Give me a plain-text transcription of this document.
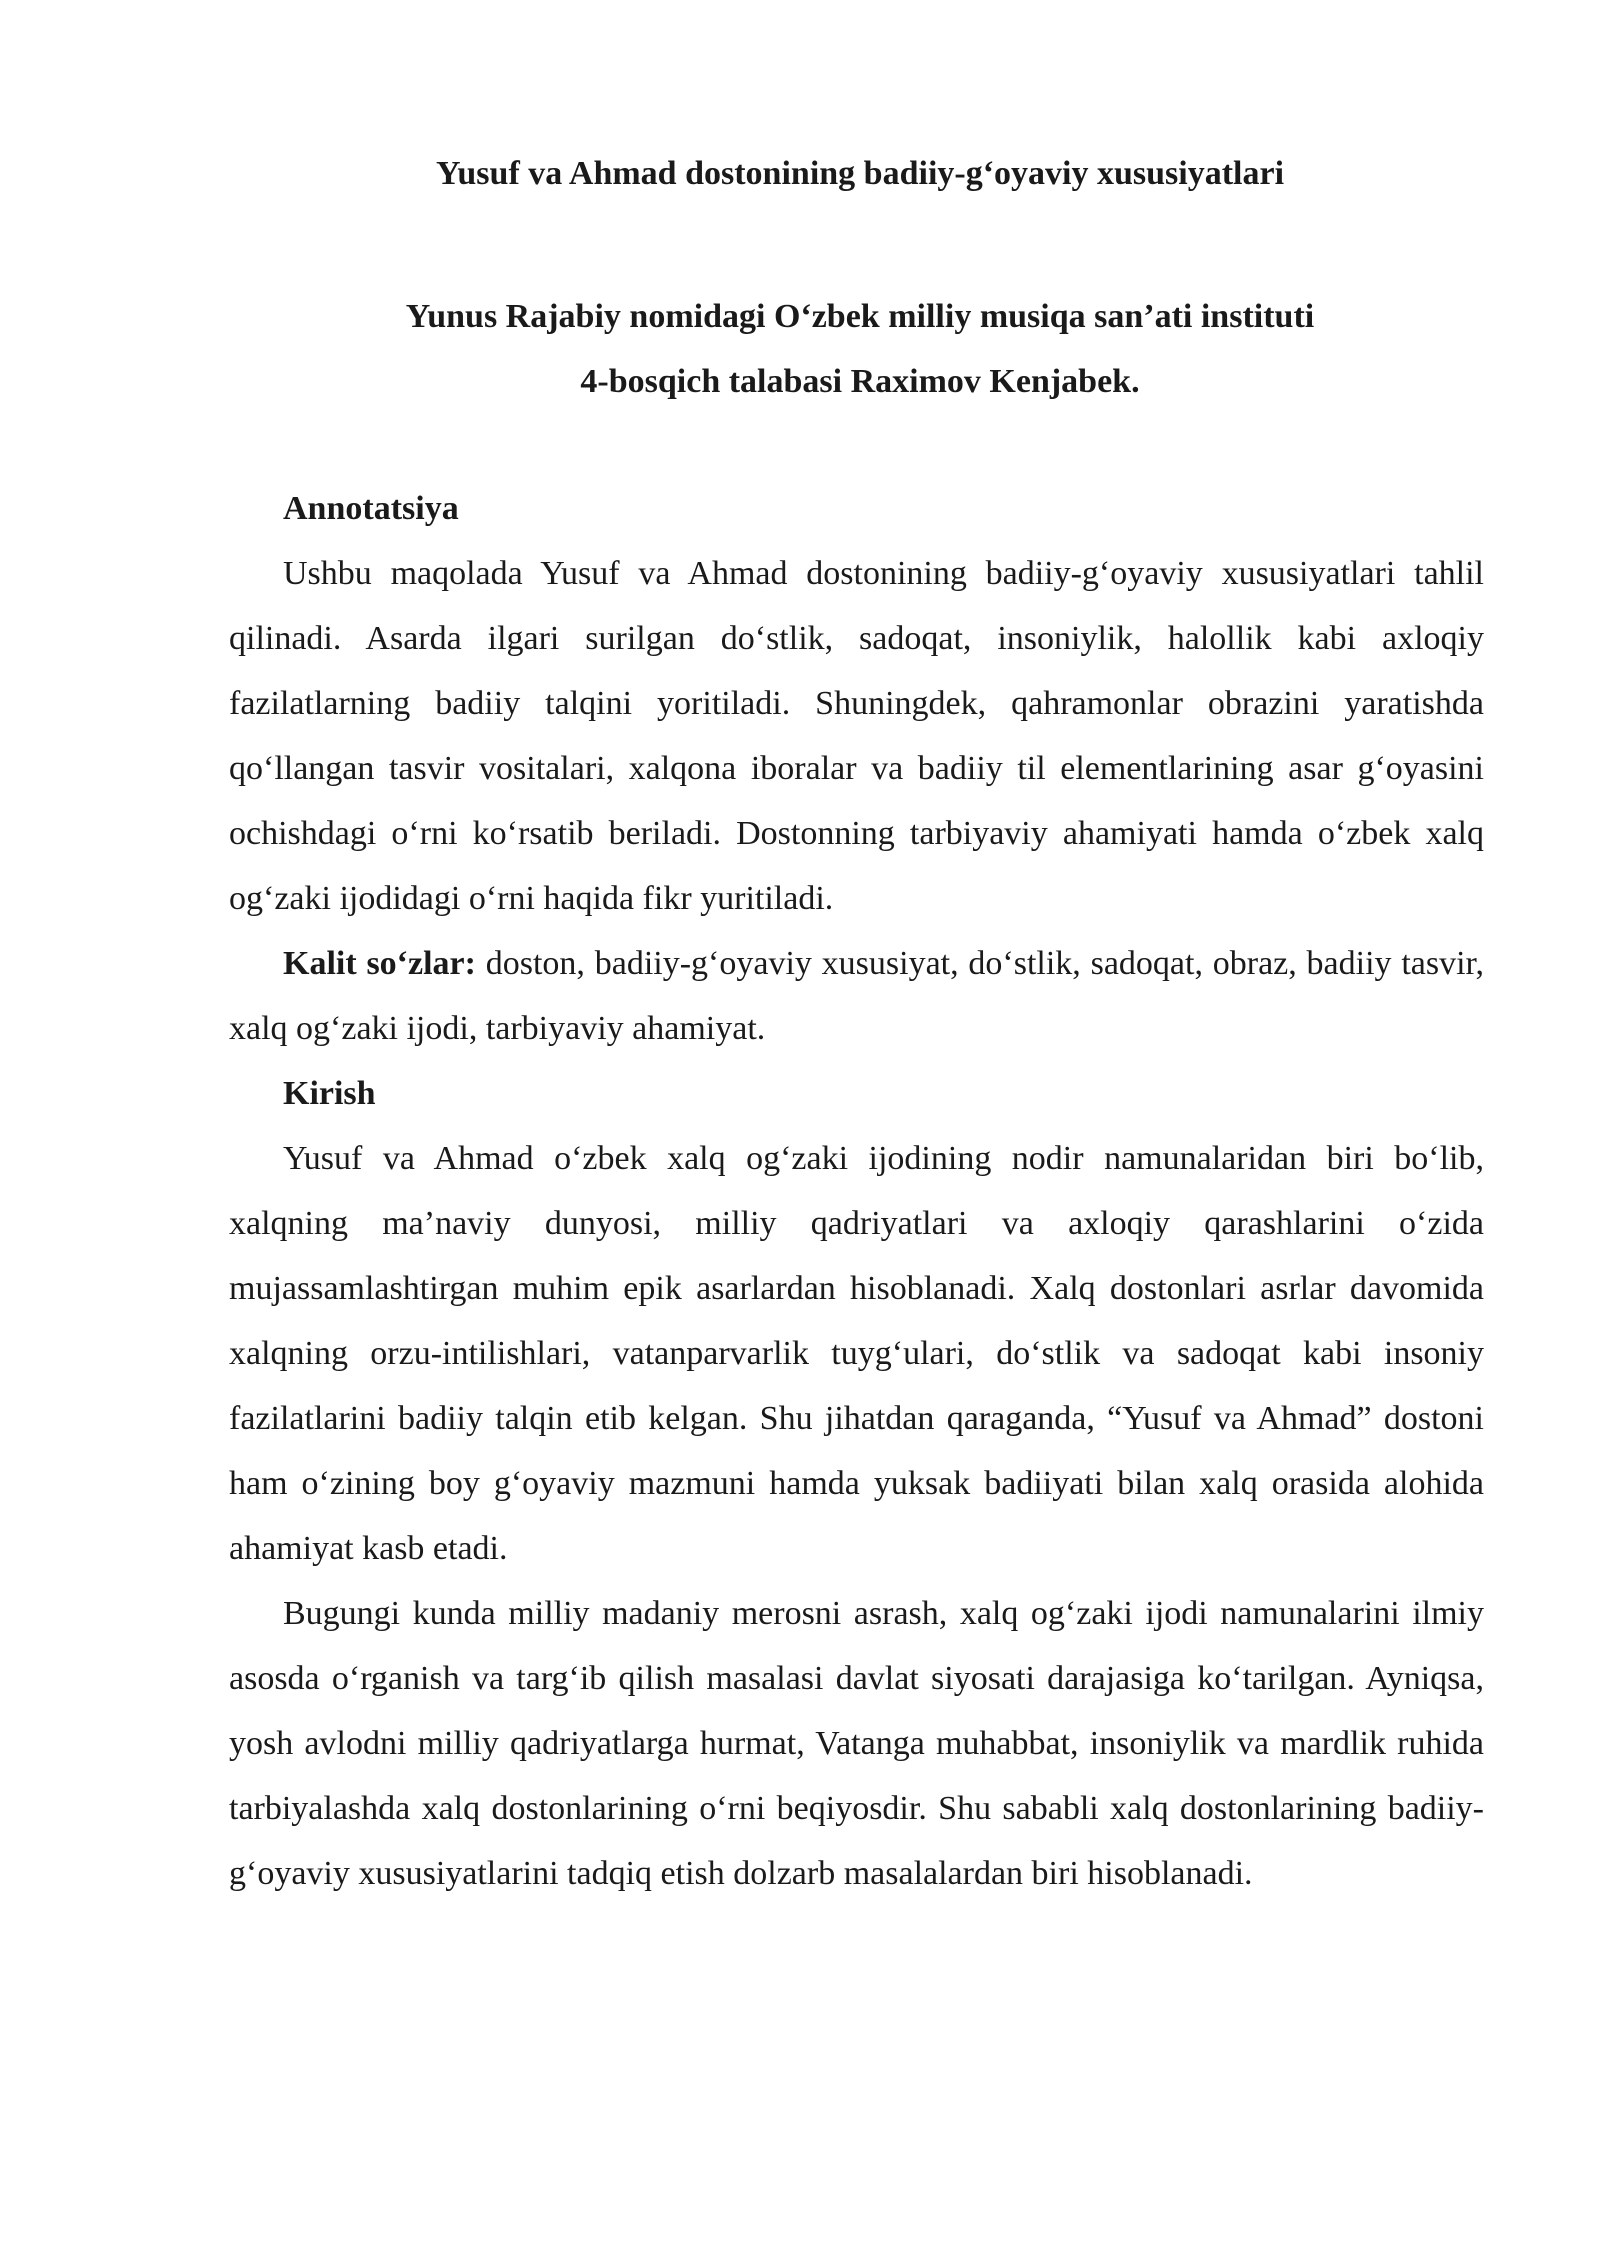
Yusuf va Ahmad dostonining badiiy-g‘oyaviy xususiyatlari
Yunus Rajabiy nomidagi O‘zbek milliy musiqa san’ati instituti
4-bosqich talabasi Raximov Kenjabek.

Annotatsiya

Ushbu maqolada Yusuf va Ahmad dostonining badiiy-g‘oyaviy xususiyatlari tahlil qilinadi. Asarda ilgari surilgan do‘stlik, sadoqat, insoniylik, halollik kabi axloqiy fazilatlarning badiiy talqini yoritiladi. Shuningdek, qahramonlar obrazini yaratishda qo‘llangan tasvir vositalari, xalqona iboralar va badiiy til elementlarining asar g‘oyasini ochishdagi o‘rni ko‘rsatib beriladi. Dostonning tarbiyaviy ahamiyati hamda o‘zbek xalq og‘zaki ijodidagi o‘rni haqida fikr yuritiladi.

Kalit so‘zlar: doston, badiiy-g‘oyaviy xususiyat, do‘stlik, sadoqat, obraz, badiiy tasvir, xalq og‘zaki ijodi, tarbiyaviy ahamiyat.

Kirish

Yusuf va Ahmad o‘zbek xalq og‘zaki ijodining nodir namunalaridan biri bo‘lib, xalqning ma’naviy dunyosi, milliy qadriyatlari va axloqiy qarashlarini o‘zida mujassamlashtirgan muhim epik asarlardan hisoblanadi. Xalq dostonlari asrlar davomida xalqning orzu-intilishlari, vatanparvarlik tuyg‘ulari, do‘stlik va sadoqat kabi insoniy fazilatlarini badiiy talqin etib kelgan. Shu jihatdan qaraganda, “Yusuf va Ahmad” dostoni ham o‘zining boy g‘oyaviy mazmuni hamda yuksak badiiyati bilan xalq orasida alohida ahamiyat kasb etadi.

Bugungi kunda milliy madaniy merosni asrash, xalq og‘zaki ijodi namunalarini ilmiy asosda o‘rganish va targ‘ib qilish masalasi davlat siyosati darajasiga ko‘tarilgan. Ayniqsa, yosh avlodni milliy qadriyatlarga hurmat, Vatanga muhabbat, insoniylik va mardlik ruhida tarbiyalashda xalq dostonlarining o‘rni beqiyosdir. Shu sababli xalq dostonlarining badiiy-g‘oyaviy xususiyatlarini tadqiq etish dolzarb masalalardan biri hisoblanadi.
